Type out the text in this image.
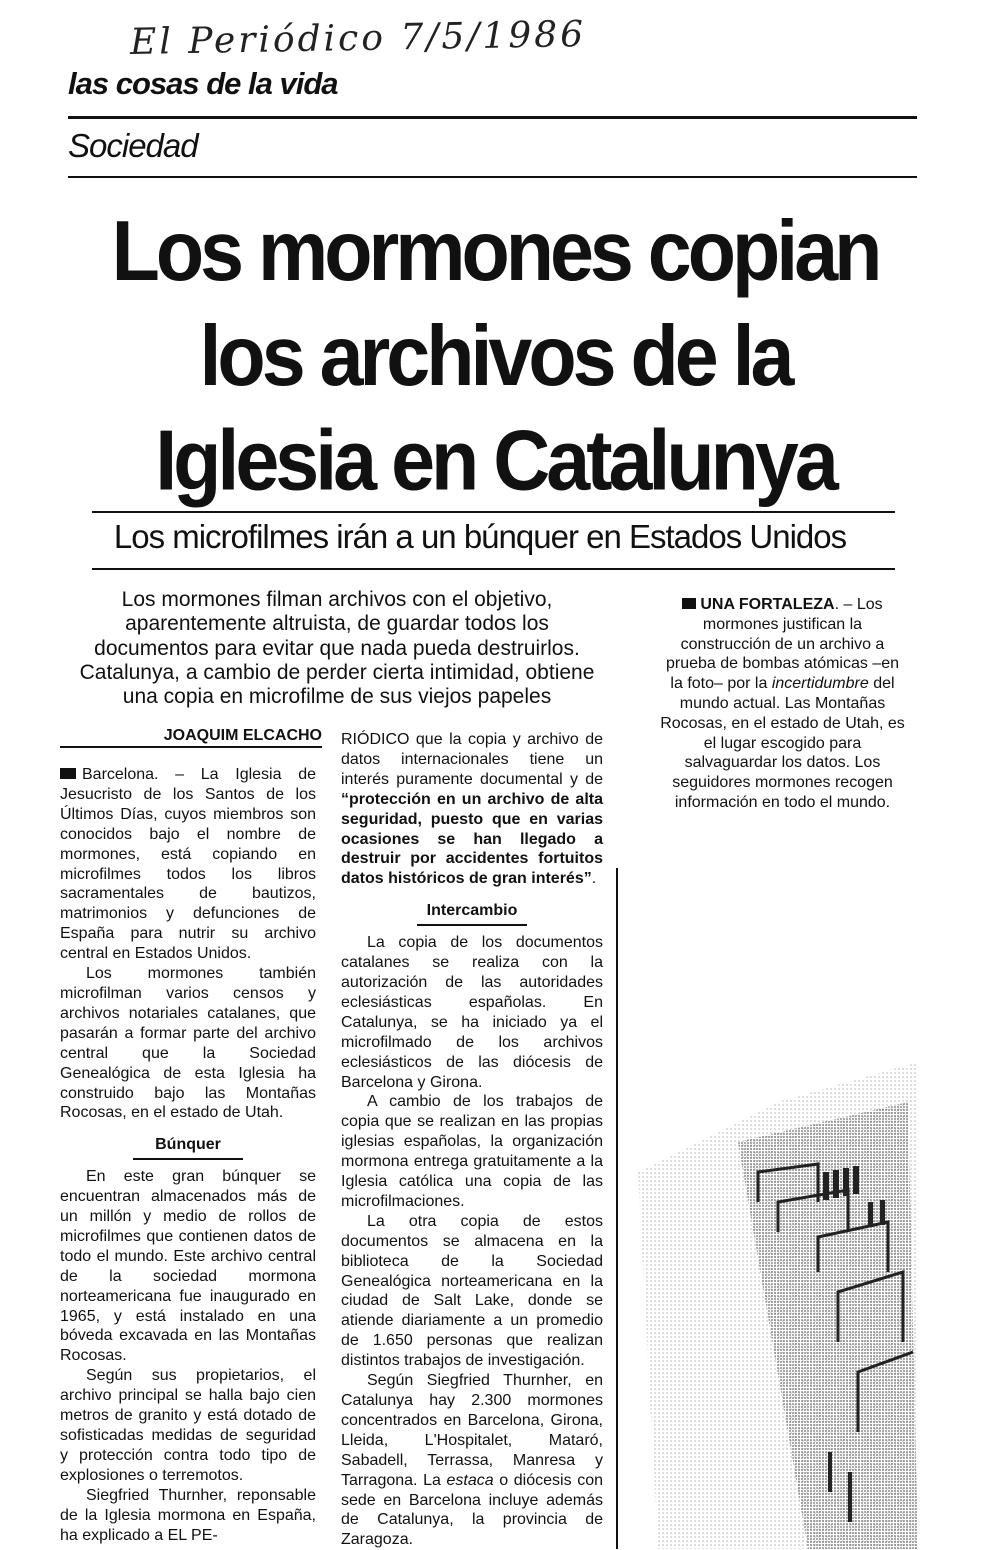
El Periódico 7/5/1986
las cosas de la vida
Sociedad
Los mormones copian
los archivos de la
Iglesia en Catalunya
Los microfilmes irán a un búnquer en Estados Unidos
Los mormones filman archivos con el objetivo,
aparentemente altruista, de guardar todos los
documentos para evitar que nada pueda destruirlos.
Catalunya, a cambio de perder cierta intimidad, obtiene
una copia en microfilme de sus viejos papeles
JOAQUIM ELCACHO

Barcelona. – La Iglesia de Jesucristo de los Santos de los Últimos Días, cuyos miembros son conocidos bajo el nombre de mormones, está copiando en microfilmes todos los libros sacramentales de bautizos, matrimonios y defunciones de España para nutrir su archivo central en Estados Unidos.

Los mormones también microfilman varios censos y archivos notariales catalanes, que pasarán a formar parte del archivo central que la Sociedad Genealógica de esta Iglesia ha construido bajo las Montañas Rocosas, en el estado de Utah.

Búnquer

En este gran búnquer se encuentran almacenados más de un millón y medio de rollos de microfilmes que contienen datos de todo el mundo. Este archivo central de la sociedad mormona norteamericana fue inaugurado en 1965, y está instalado en una bóveda excavada en las Montañas Rocosas.

Según sus propietarios, el archivo principal se halla bajo cien metros de granito y está dotado de sofisticadas medidas de seguridad y protección contra todo tipo de explosiones o terremotos.

Siegfried Thurnher, reponsable de la Iglesia mormona en España, ha explicado a EL PE-

RIÓDICO que la copia y archivo de datos internacionales tiene un interés puramente documental y de “protección en un archivo de alta seguridad, puesto que en varias ocasiones se han llegado a destruir por accidentes fortuitos datos históricos de gran interés”.

Intercambio

La copia de los documentos catalanes se realiza con la autorización de las autoridades eclesiásticas españolas. En Catalunya, se ha iniciado ya el microfilmado de los archivos eclesiásticos de las diócesis de Barcelona y Girona.

A cambio de los trabajos de copia que se realizan en las propias iglesias españolas, la organización mormona entrega gratuitamente a la Iglesia católica una copia de las microfilmaciones.

La otra copia de estos documentos se almacena en la biblioteca de la Sociedad Genealógica norteamericana en la ciudad de Salt Lake, donde se atiende diariamente a un promedio de 1.650 personas que realizan distintos trabajos de investigación.

Según Siegfried Thurnher, en Catalunya hay 2.300 mormones concentrados en Barcelona, Girona, Lleida, L'Hospitalet, Mataró, Sabadell, Terrassa, Manresa y Tarragona. La estaca o diócesis con sede en Barcelona incluye además de Catalunya, la provincia de Zaragoza.

UNA FORTALEZA. – Los mormones justifican la construcción de un archivo a prueba de bombas atómicas –en la foto– por la incertidumbre del mundo actual. Las Montañas Rocosas, en el estado de Utah, es el lugar escogido para salvaguardar los datos. Los seguidores mormones recogen información en todo el mundo.
